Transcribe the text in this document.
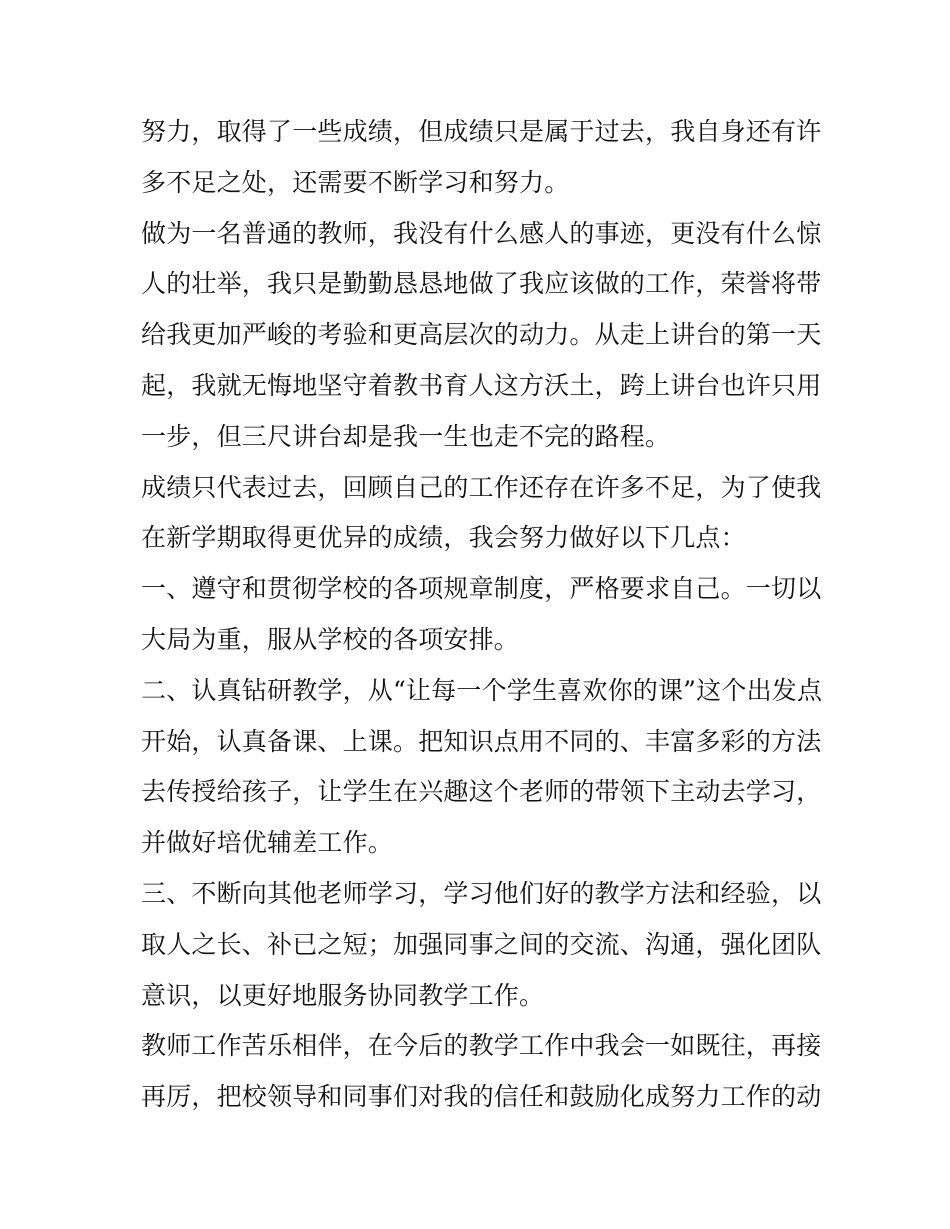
努力，取得了一些成绩，但成绩只是属于过去，我自身还有许
多不足之处，还需要不断学习和努力。
做为一名普通的教师，我没有什么感人的事迹，更没有什么惊
人的壮举，我只是勤勤恳恳地做了我应该做的工作，荣誉将带
给我更加严峻的考验和更高层次的动力。从走上讲台的第一天
起，我就无悔地坚守着教书育人这方沃土，跨上讲台也许只用
一步，但三尺讲台却是我一生也走不完的路程。
成绩只代表过去，回顾自己的工作还存在许多不足，为了使我
在新学期取得更优异的成绩，我会努力做好以下几点：
一、遵守和贯彻学校的各项规章制度，严格要求自己。一切以
大局为重，服从学校的各项安排。
二、认真钻研教学，从“让每一个学生喜欢你的课”这个出发点
开始，认真备课、上课。把知识点用不同的、丰富多彩的方法
去传授给孩子，让学生在兴趣这个老师的带领下主动去学习，
并做好培优辅差工作。
三、不断向其他老师学习，学习他们好的教学方法和经验，以
取人之长、补已之短；加强同事之间的交流、沟通，强化团队
意识，以更好地服务协同教学工作。
教师工作苦乐相伴，在今后的教学工作中我会一如既往，再接
再厉，把校领导和同事们对我的信任和鼓励化成努力工作的动
